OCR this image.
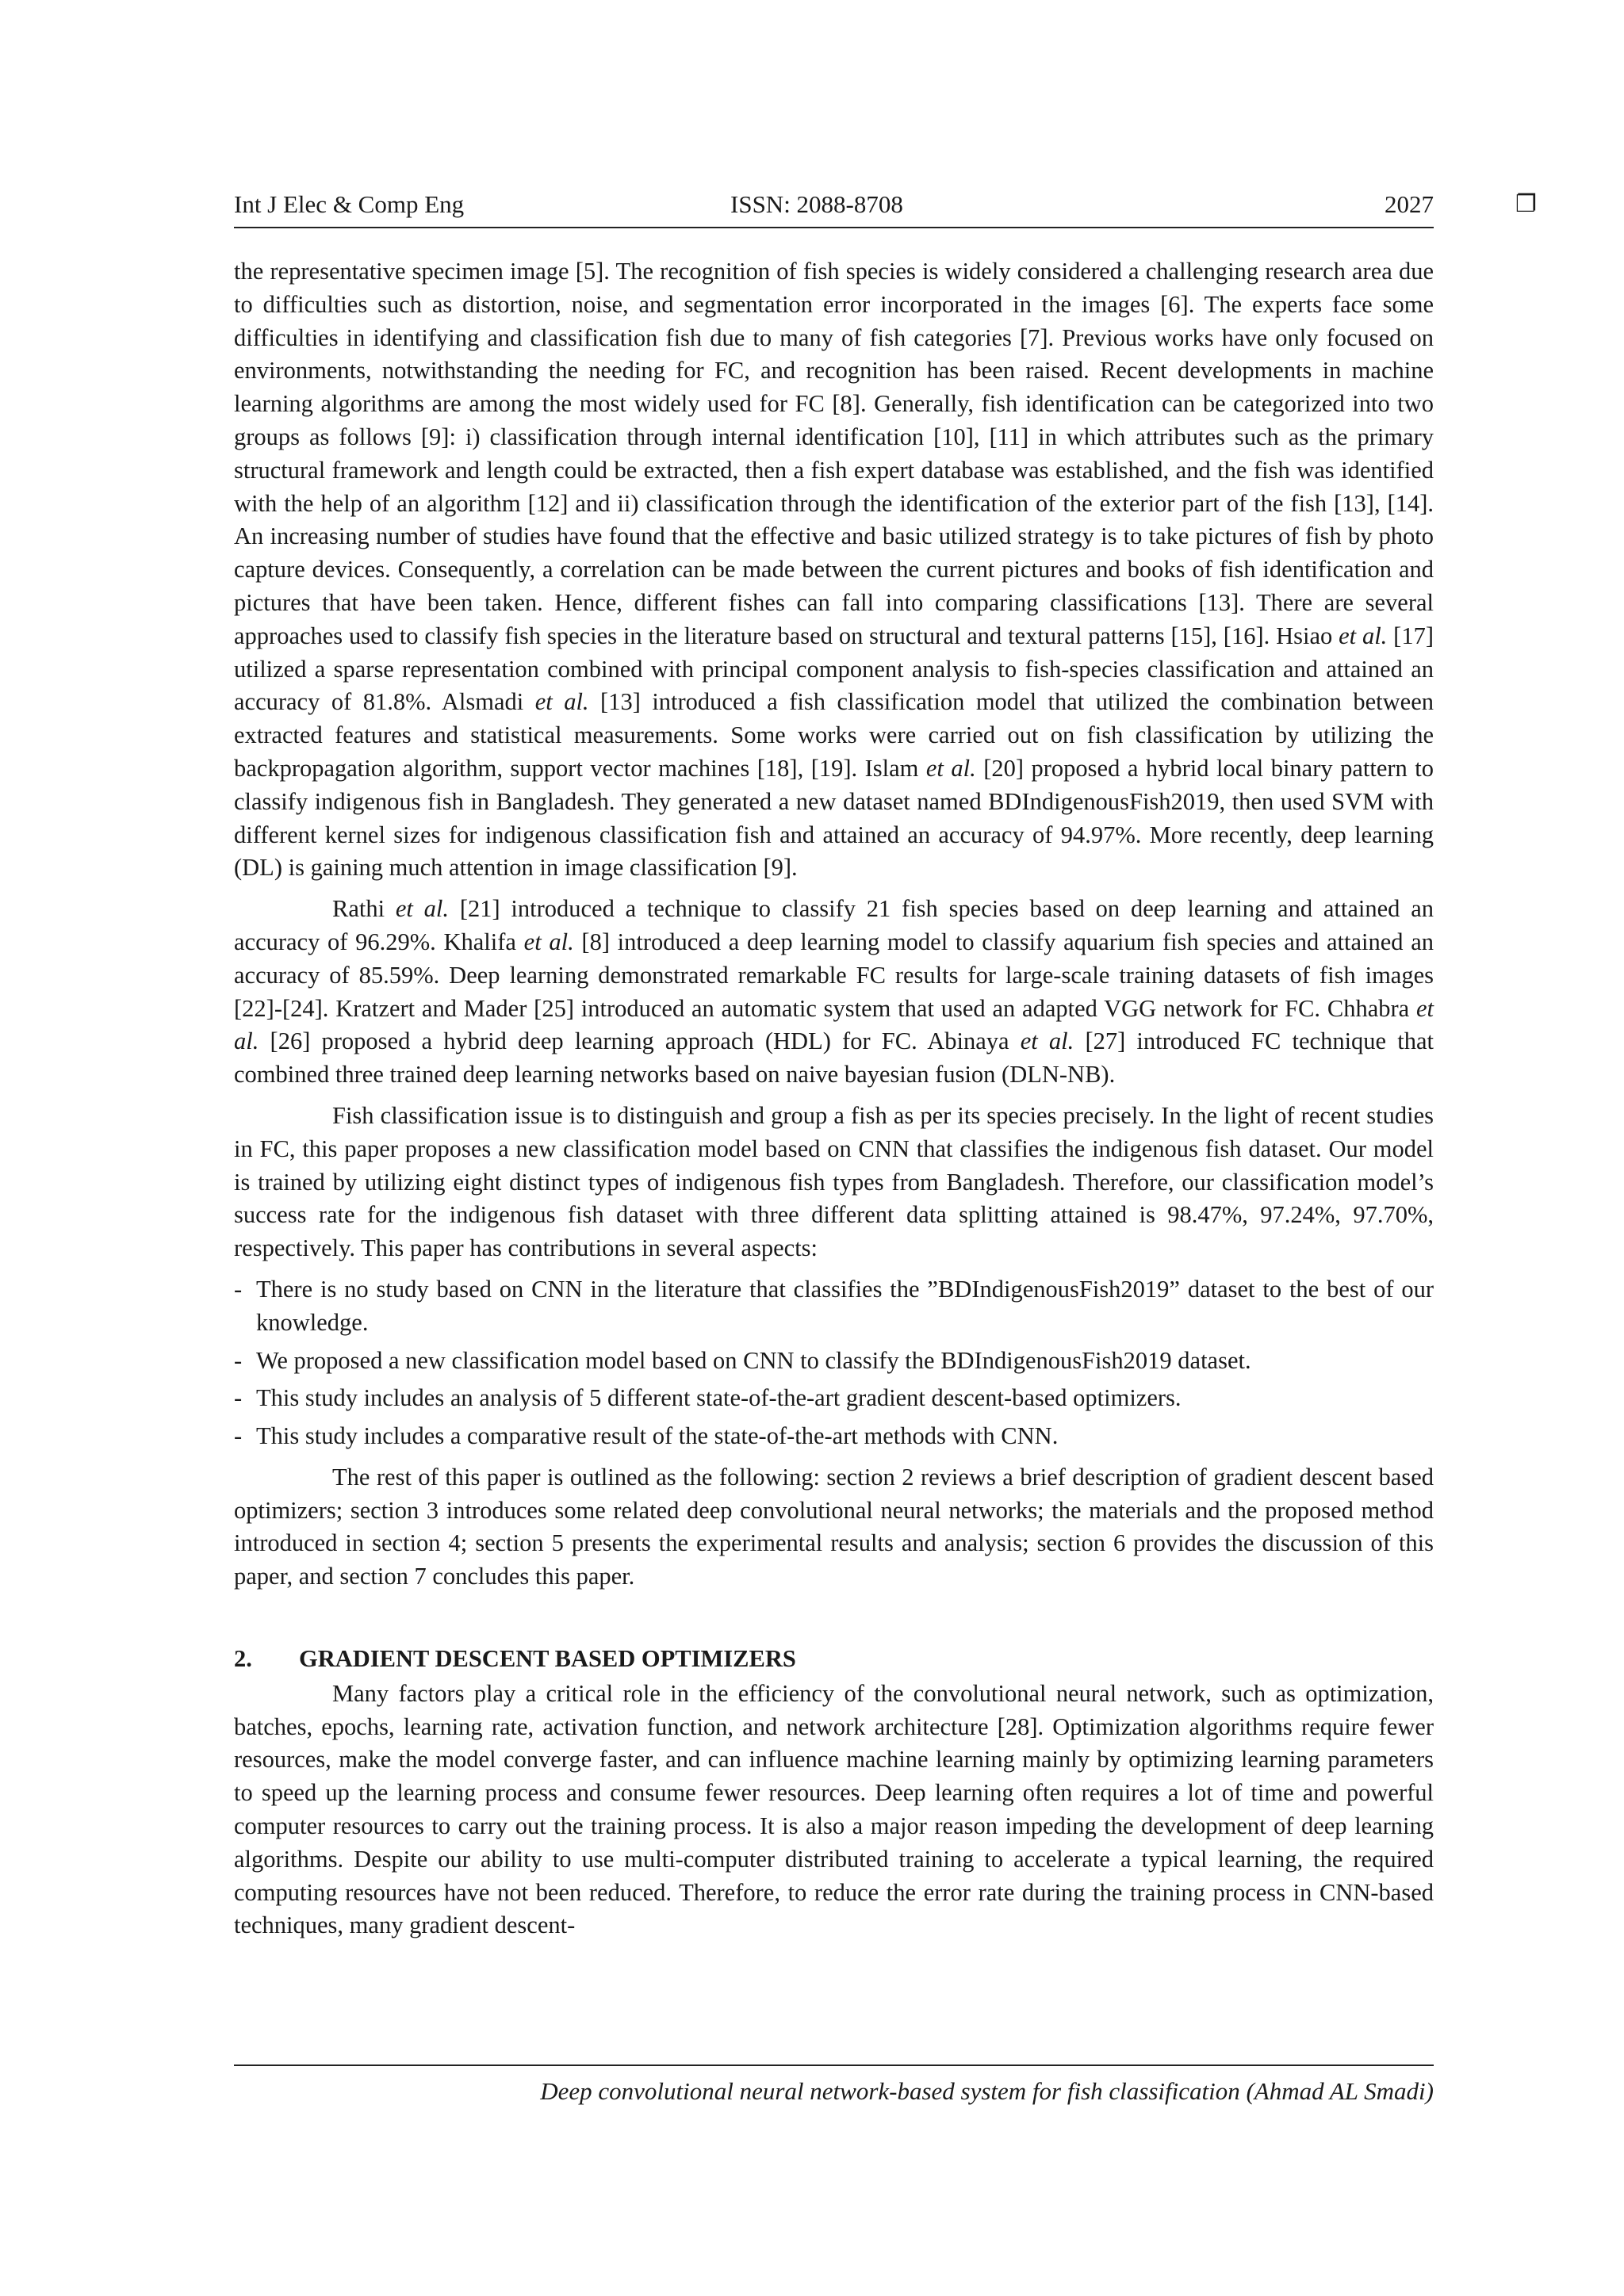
Int J Elec & Comp Eng	ISSN: 2088-8708	❐
2027

the representative specimen image [5]. The recognition of fish species is widely considered a challenging research area due to difficulties such as distortion, noise, and segmentation error incorporated in the images [6]. The experts face some difficulties in identifying and classification fish due to many of fish categories [7]. Previous works have only focused on environments, notwithstanding the needing for FC, and recognition has been raised. Recent developments in machine learning algorithms are among the most widely used for FC [8]. Generally, fish identification can be categorized into two groups as follows [9]: i) classification through internal identification [10], [11] in which attributes such as the primary structural framework and length could be extracted, then a fish expert database was established, and the fish was identified with the help of an algorithm [12] and ii) classification through the identification of the exterior part of the fish [13], [14]. An increasing number of studies have found that the effective and basic utilized strategy is to take pictures of fish by photo capture devices. Consequently, a correlation can be made between the current pictures and books of fish identification and pictures that have been taken. Hence, different fishes can fall into comparing classifications [13]. There are several approaches used to classify fish species in the literature based on structural and textural patterns [15], [16]. Hsiao et al. [17] utilized a sparse representation combined with principal component analysis to fish-species classification and attained an accuracy of 81.8%. Alsmadi et al. [13] introduced a fish classification model that utilized the combination between extracted features and statistical measurements. Some works were carried out on fish classification by utilizing the backpropagation algorithm, support vector machines [18], [19]. Islam et al. [20] proposed a hybrid local binary pattern to classify indigenous fish in Bangladesh. They generated a new dataset named BDIndigenousFish2019, then used SVM with different kernel sizes for indigenous classification fish and attained an accuracy of 94.97%. More recently, deep learning (DL) is gaining much attention in image classification [9].

Rathi et al. [21] introduced a technique to classify 21 fish species based on deep learning and attained an accuracy of 96.29%. Khalifa et al. [8] introduced a deep learning model to classify aquarium fish species and attained an accuracy of 85.59%. Deep learning demonstrated remarkable FC results for large-scale training datasets of fish images [22]-[24]. Kratzert and Mader [25] introduced an automatic system that used an adapted VGG network for FC. Chhabra et al. [26] proposed a hybrid deep learning approach (HDL) for FC. Abinaya et al. [27] introduced FC technique that combined three trained deep learning networks based on naive bayesian fusion (DLN-NB).

Fish classification issue is to distinguish and group a fish as per its species precisely. In the light of recent studies in FC, this paper proposes a new classification model based on CNN that classifies the indigenous fish dataset. Our model is trained by utilizing eight distinct types of indigenous fish types from Bangladesh. Therefore, our classification model’s success rate for the indigenous fish dataset with three different data splitting attained is 98.47%, 97.24%, 97.70%, respectively. This paper has contributions in several aspects:

- There is no study based on CNN in the literature that classifies the ”BDIndigenousFish2019” dataset to the best of our knowledge.
- We proposed a new classification model based on CNN to classify the BDIndigenousFish2019 dataset.
- This study includes an analysis of 5 different state-of-the-art gradient descent-based optimizers.
- This study includes a comparative result of the state-of-the-art methods with CNN.

The rest of this paper is outlined as the following: section 2 reviews a brief description of gradient descent based optimizers; section 3 introduces some related deep convolutional neural networks; the materials and the proposed method introduced in section 4; section 5 presents the experimental results and analysis; section 6 provides the discussion of this paper, and section 7 concludes this paper.

2. GRADIENT DESCENT BASED OPTIMIZERS

Many factors play a critical role in the efficiency of the convolutional neural network, such as optimization, batches, epochs, learning rate, activation function, and network architecture [28]. Optimization algorithms require fewer resources, make the model converge faster, and can influence machine learning mainly by optimizing learning parameters to speed up the learning process and consume fewer resources. Deep learning often requires a lot of time and powerful computer resources to carry out the training process. It is also a major reason impeding the development of deep learning algorithms. Despite our ability to use multi-computer distributed training to accelerate a typical learning, the required computing resources have not been reduced. Therefore, to reduce the error rate during the training process in CNN-based techniques, many gradient descent-

Deep convolutional neural network-based system for fish classification (Ahmad AL Smadi)
